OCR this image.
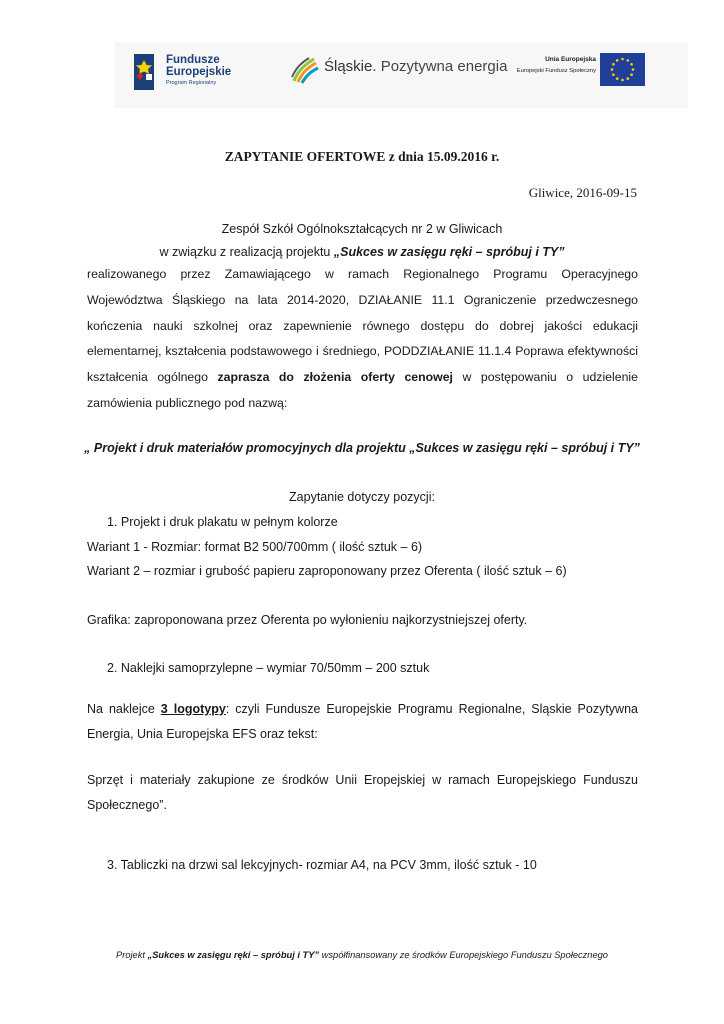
Fundusze
Europejskie
Program Regionalny
Śląskie. Pozytywna energia	Unia Europejska
Europejski Fundusz Społeczny
ZAPYTANIE OFERTOWE z dnia 15.09.2016 r.
Gliwice, 2016-09-15
Zespół Szkół Ogólnokształcących nr 2 w Gliwicach
w związku z realizacją projektu „Sukces w zasięgu ręki – spróbuj i TY”
realizowanego przez Zamawiającego w ramach Regionalnego Programu Operacyjnego Województwa Śląskiego na lata 2014-2020, DZIAŁANIE 11.1 Ograniczenie przedwczesnego kończenia nauki szkolnej oraz zapewnienie równego dostępu do dobrej jakości edukacji elementarnej, kształcenia podstawowego i średniego, PODDZIAŁANIE 11.1.4 Poprawa efektywności kształcenia ogólnego zaprasza do złożenia oferty cenowej w postępowaniu o udzielenie zamówienia publicznego pod nazwą:
„ Projekt i druk materiałów promocyjnych dla projektu „Sukces w zasięgu ręki – spróbuj i TY”
Zapytanie dotyczy pozycji:
1. Projekt i druk plakatu w pełnym kolorze
Wariant 1 - Rozmiar: format B2 500/700mm ( ilość sztuk – 6)
Wariant 2 – rozmiar i grubość papieru zaproponowany przez Oferenta ( ilość sztuk – 6)
Grafika: zaproponowana przez Oferenta po wyłonieniu najkorzystniejszej oferty.
2. Naklejki samoprzylepne – wymiar 70/50mm – 200 sztuk
Na naklejce 3 logotypy: czyli Fundusze Europejskie Programu Regionalne, Sląskie Pozytywna Energia, Unia Europejska EFS oraz tekst:
Sprzęt i materiały zakupione ze środków Unii Eropejskiej w ramach Europejskiego Funduszu Społecznego”.
3. Tabliczki na drzwi sal lekcyjnych- rozmiar A4, na PCV 3mm, ilość sztuk - 10
Projekt „Sukces w zasięgu ręki – spróbuj i TY” współfinansowany ze środków Europejskiego Funduszu Społecznego
